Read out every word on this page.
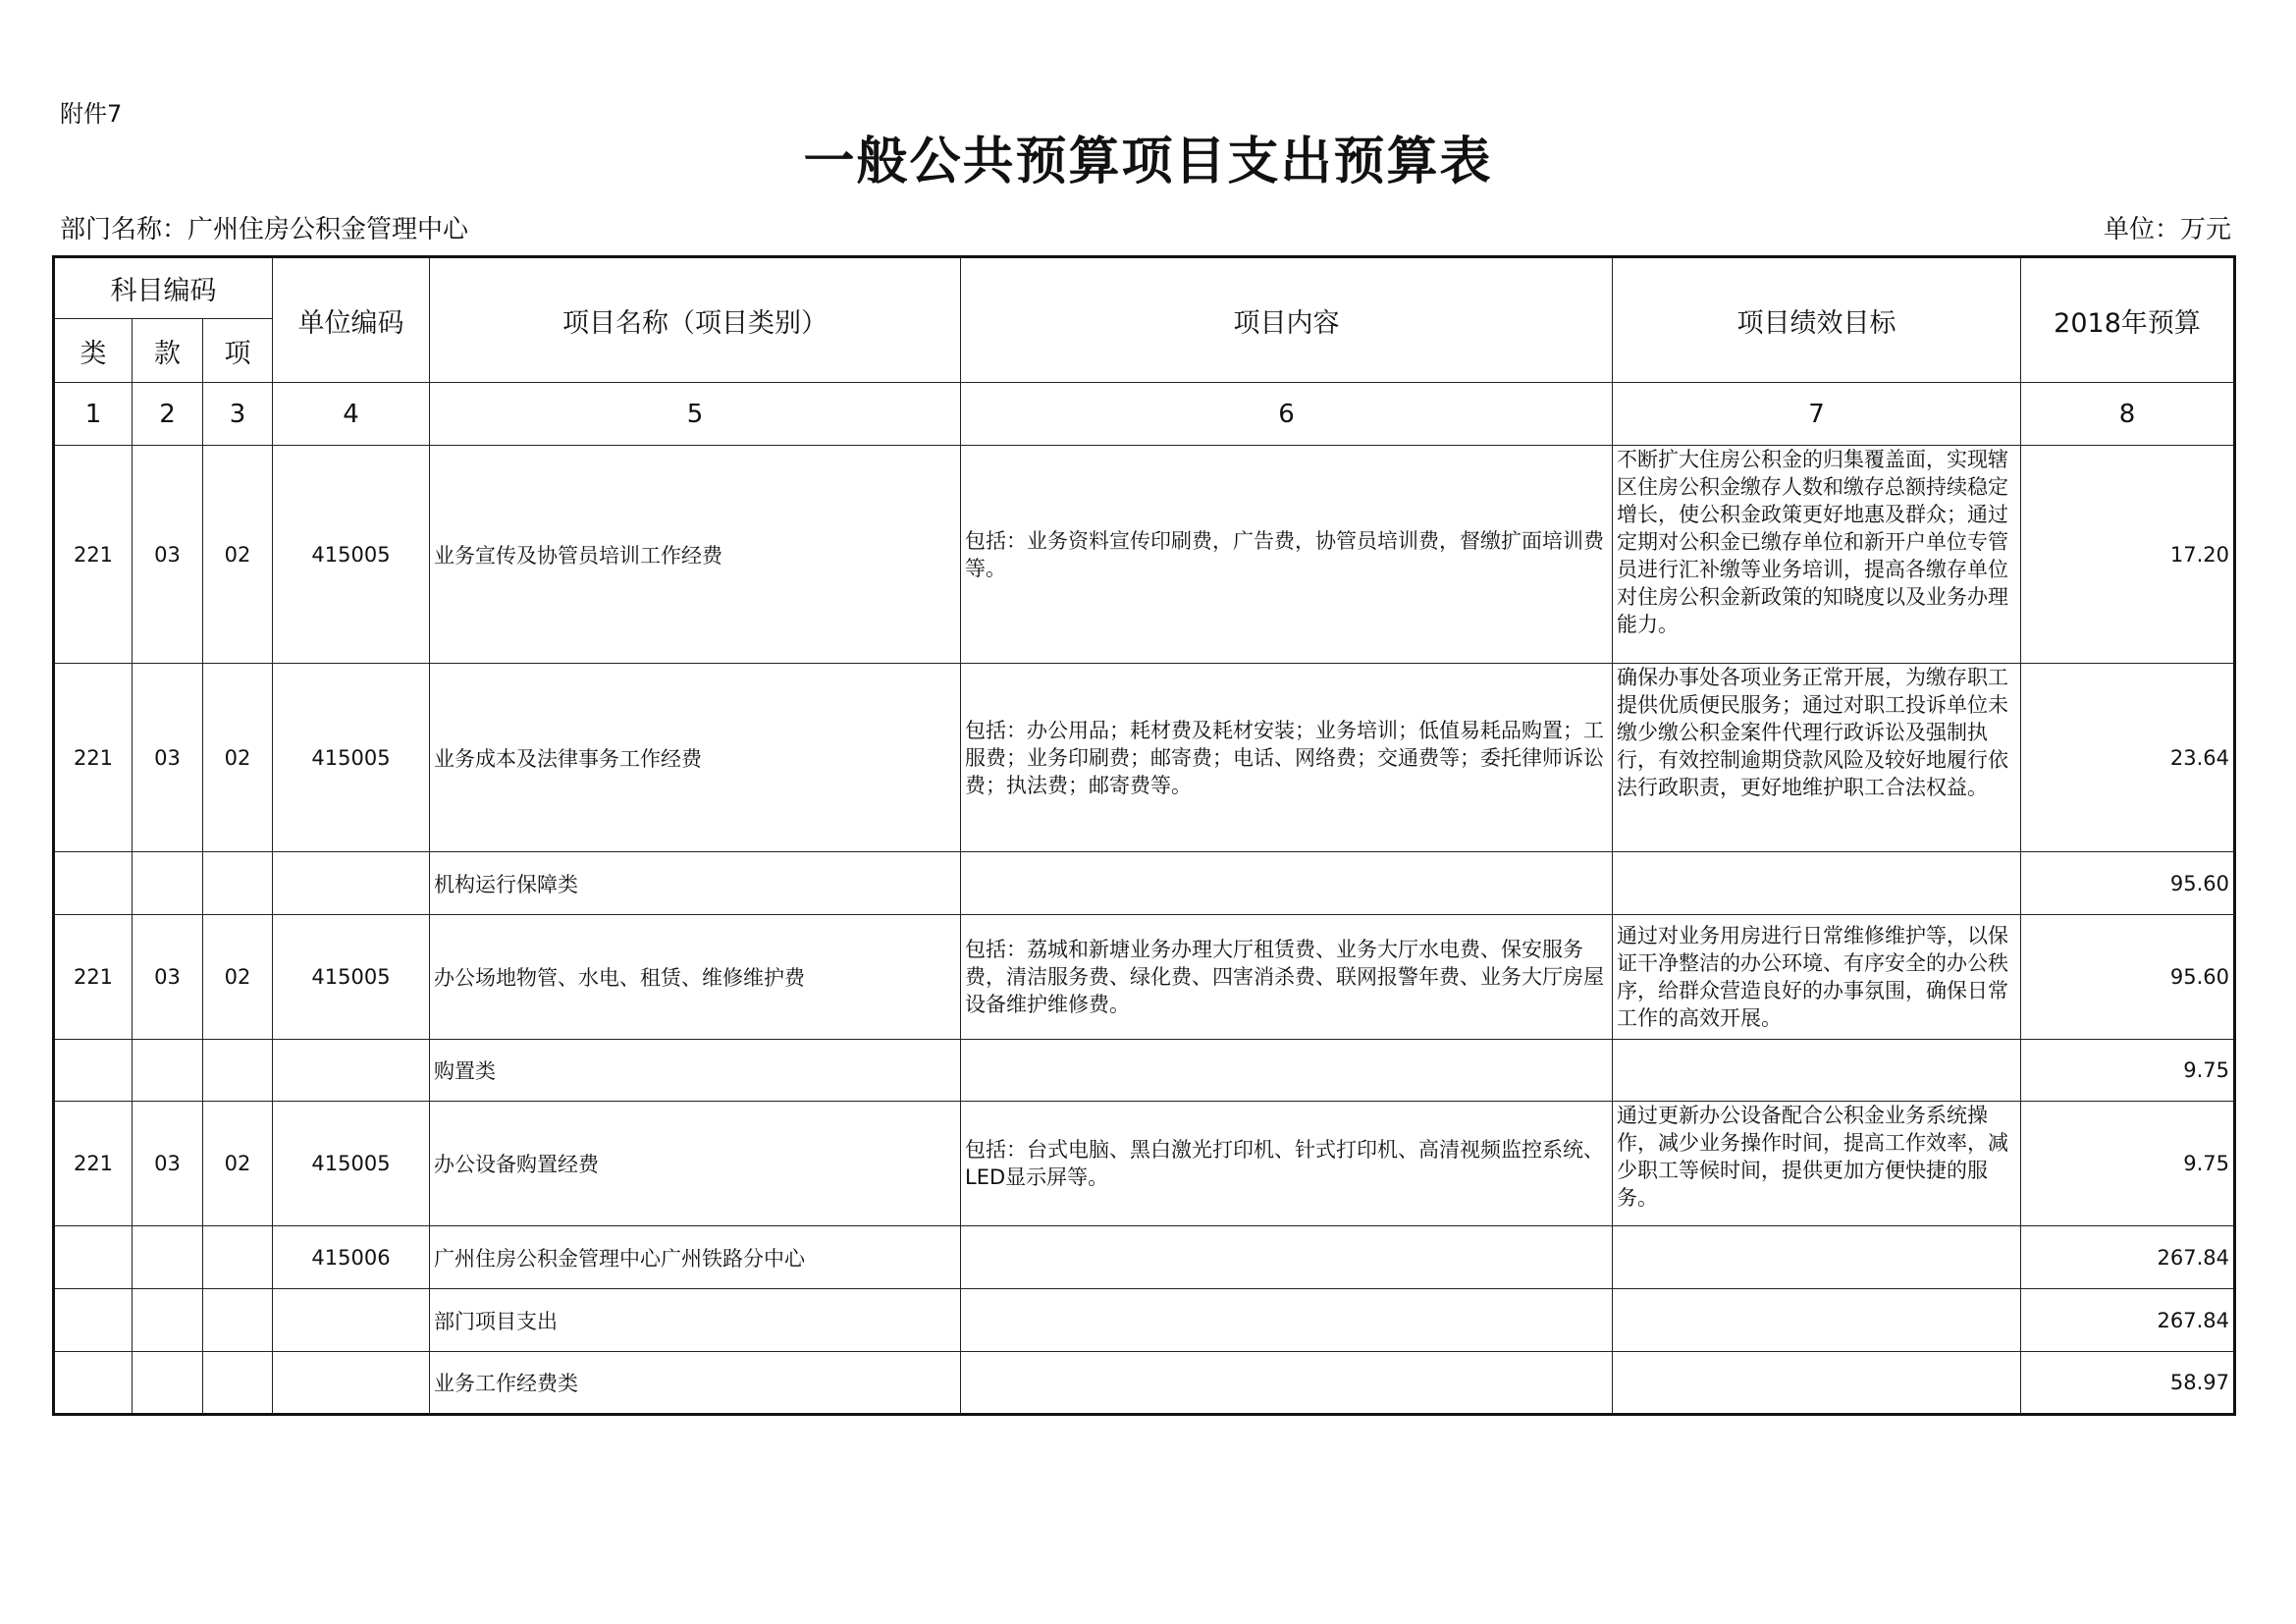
附件7
一般公共预算项目支出预算表
部门名称：广州住房公积金管理中心	单位：万元
科目编码			单位编码	项目名称（项目类别）	项目内容	项目绩效目标	2018年预算
类	款	项					
1	2	3	4	5	6	7	8
221	03	02	415005	业务宣传及协管员培训工作经费	包括：业务资料宣传印刷费，广告费，协管员培训费，督缴扩面培训费等。	不断扩大住房公积金的归集覆盖面，实现辖区住房公积金缴存人数和缴存总额持续稳定增长，使公积金政策更好地惠及群众；通过定期对公积金已缴存单位和新开户单位专管员进行汇补缴等业务培训，提高各缴存单位对住房公积金新政策的知晓度以及业务办理能力。	17.20
221	03	02	415005	业务成本及法律事务工作经费	包括：办公用品；耗材费及耗材安装；业务培训；低值易耗品购置；工服费；业务印刷费；邮寄费；电话、网络费；交通费等；委托律师诉讼费；执法费；邮寄费等。	确保办事处各项业务正常开展，为缴存职工提供优质便民服务；通过对职工投诉单位未缴少缴公积金案件代理行政诉讼及强制执行，有效控制逾期贷款风险及较好地履行依法行政职责，更好地维护职工合法权益。	23.64
				机构运行保障类			95.60
221	03	02	415005	办公场地物管、水电、租赁、维修维护费	包括：荔城和新塘业务办理大厅租赁费、业务大厅水电费、保安服务费，清洁服务费、绿化费、四害消杀费、联网报警年费、业务大厅房屋设备维护维修费。	通过对业务用房进行日常维修维护等，以保证干净整洁的办公环境、有序安全的办公秩序，给群众营造良好的办事氛围，确保日常工作的高效开展。	95.60
				购置类			9.75
221	03	02	415005	办公设备购置经费	包括：台式电脑、黑白激光打印机、针式打印机、高清视频监控系统、LED显示屏等。	通过更新办公设备配合公积金业务系统操作，减少业务操作时间，提高工作效率，减少职工等候时间，提供更加方便快捷的服务。	9.75
			415006	广州住房公积金管理中心广州铁路分中心			267.84
				部门项目支出			267.84
				业务工作经费类			58.97
